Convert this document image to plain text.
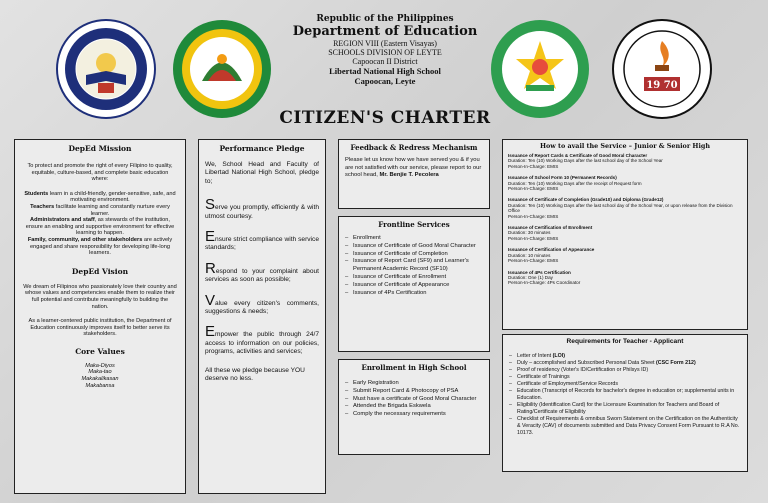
19 70
Republic of the Philippines
Department of Education
REGION VIII (Eastern Visayas)
SCHOOLS DIVISION OF LEYTE
Capoocan II District
Libertad National High School
Capoocan, Leyte
CITIZEN'S CHARTER
DepEd Mission
To protect and promote the right of every Filipino to quality, equitable, culture-based, and complete basic education where:
Students learn in a child-friendly, gender-sensitive, safe, and motivating environment.
Teachers facilitate learning and constantly nurture every learner.
Administrators and staff, as stewards of the institution, ensure an enabling and supportive environment for effective learning to happen.
Family, community, and other stakeholders are actively engaged and share responsibility for developing life-long learners.
DepEd Vision
We dream of Filipinos who passionately love their country and whose values and competencies enable them to realize their full potential and contribute meaningfully to building the nation.
As a learner-centered public institution, the Department of Education continuously improves itself to better serve its stakeholders.
Core Values
Maka-Diyos
Maka-tao
Makakalikasan
Makabansa
Performance Pledge
We, School Head and Faculty of Libertad National High School, pledge to;
Serve you promptly, efficiently & with utmost courtesy.
Ensure strict compliance with service standards;
Respond to your complaint about services as soon as possible;
Value every citizen's comments, suggestions & needs;
Empower the public through 24/7 access to information on our policies, programs, activities and services;
All these we pledge because YOU deserve no less.
Feedback & Redress Mechanism
Please let us know how we have served you & if you are not satisfied with our service, please report to our school head, Mr. Benjie T. Pecolera
Frontline Services
– Enrollment
– Issuance of Certificate of Good Moral Character
– Issuance of Certificate of Completion
– Issuance of Report Card (SF9) and Learner's Permanent Academic Record (SF10)
– Issuance of Certificate of Enrollment
– Issuance of Certificate of Appearance
– Issuance of 4Ps Certification
Enrollment in High School
– Early Registration
– Submit Report Card & Photocopy of PSA
– Must have a certificate of Good Moral Character
– Attended the Brigada Eskwela
– Comply the necessary requirements
How to avail the Service – Junior & Senior High
Issuance of Report Cards & Certificate of Good Moral Character
Duration: Ten (10) Working Days after the last school day of the School Year
Person-In-Charge: EMIS
Issuance of School Form 10 (Permanent Records)
Duration: Ten (10) Working Days after the receipt of Request form
Person-In-Charge: EMIS
Issuance of Certificate of Completion (Grade10) and Diploma (Grade12)
Duration: Ten (10) Working Days after the last school day of the School Year, or upon release from the Division Office
Person-In-Charge: EMIS
Issuance of Certification of Enrollment
Duration: 30 minutes
Person-In-Charge: EMIS
Issuance of Certification of Appearance
Duration: 10 minutes
Person-In-Charge: EMIS
Issuance of 4Ps Certification
Duration: One (1) Day
Person-In-Charge: 4Ps Coordinator
Requirements for Teacher - Applicant
– Letter of Intent (LOI)
– Duly – accomplished and Subscribed Personal Data Sheet (CSC Form 212)
– Proof of residency (Voter's ID/Certification or Philsys ID)
– Certificate of Trainings
– Certificate of Employment/Service Records
– Education (Transcript of Records for bachelor's degree in education or; supplemental units in Education.
– Eligibility (Identification Card) for the Licensure Examination for Teachers and Board of Rating/Certificate of Eligibility
– Checklist of Requirements & omnibus Sworn Statement on the Certification on the Authenticity & Veracity (CAV) of documents submitted and Data Privacy Consent Form Pursuant to R.A No. 10173.
